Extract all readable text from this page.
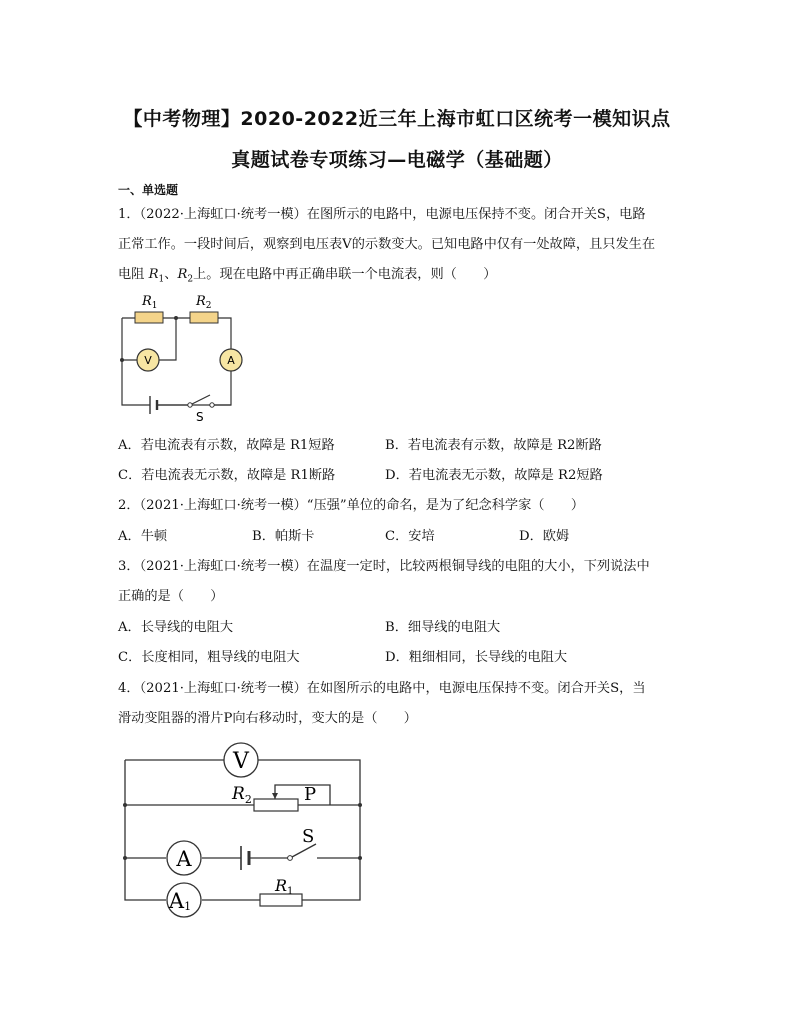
【中考物理】2020-2022近三年上海市虹口区统考一模知识点
真题试卷专项练习—电磁学（基础题）
一、单选题
1．（2022·上海虹口·统考一模）在图所示的电路中，电源电压保持不变。闭合开关S，电路
正常工作。一段时间后，观察到电压表V的示数变大。已知电路中仅有一处故障，且只发生在
电阻 $R_1$、$R_2$上。现在电路中再正确串联一个电流表，则（　　）
$R_1$	$R_2$
V	A
S
V
$R_2$	P
S
A
A1
R1
A．若电流表有示数，故障是 R1短路	B．若电流表有示数，故障是 R2断路
C．若电流表无示数，故障是 R1断路	D．若电流表无示数，故障是 R2短路
2．（2021·上海虹口·统考一模）“压强”单位的命名，是为了纪念科学家（　　）
A．牛顿	B．帕斯卡	C．安培	D．欧姆
3．（2021·上海虹口·统考一模）在温度一定时，比较两根铜导线的电阻的大小，下列说法中
正确的是（　　）
A．长导线的电阻大	B．细导线的电阻大
C．长度相同，粗导线的电阻大	D．粗细相同，长导线的电阻大
4．（2021·上海虹口·统考一模）在如图所示的电路中，电源电压保持不变。闭合开关S，当
滑动变阻器的滑片P向右移动时，变大的是（　　）
